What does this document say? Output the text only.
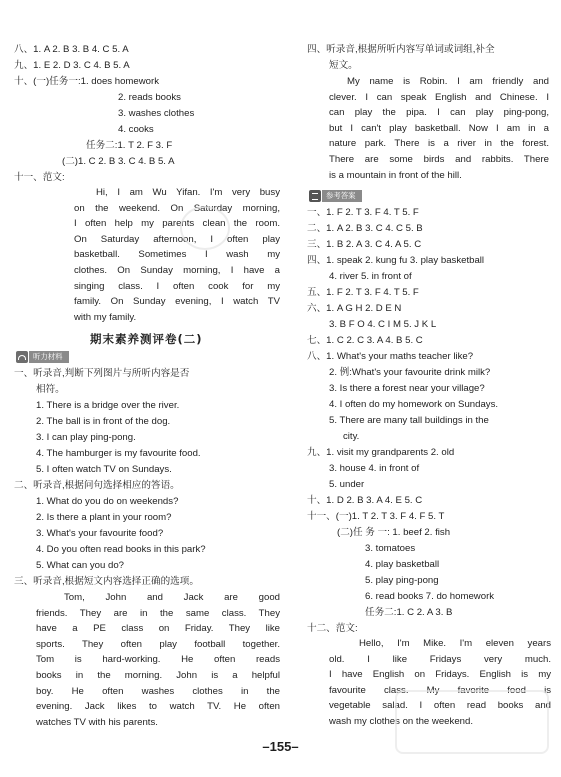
八、1. A 2. B 3. B 4. C 5. A
九、1. E 2. D 3. C 4. B 5. A
十、(一)任务一:1. does homework
2. reads books
3. washes clothes
4. cooks
任务二:1. T 2. F 3. F
(二)1. C 2. B 3. C 4. B 5. A
十一、范文:

Hi, I am Wu Yifan. I'm very busy

on the weekend. On Saturday morning,

I often help my parents clean the room.

On Saturday afternoon, I often play

basketball. Sometimes I wash my

clothes. On Sunday morning, I have a

singing class. I often cook for my

family. On Sunday evening, I watch TV

with my family.

期末素养测评卷(二)
听力材料
一、听录音,判断下列图片与所听内容是否
相符。
1. There is a bridge over the river.
2. The ball is in front of the dog.
3. I can play ping-pong.
4. The hamburger is my favourite food.
5. I often watch TV on Sundays.
二、听录音,根据问句选择相应的答语。
1. What do you do on weekends?
2. Is there a plant in your room?
3. What's your favourite food?
4. Do you often read books in this park?
5. What can you do?
三、听录音,根据短文内容选择正确的选项。

Tom, John and Jack are good

friends. They are in the same class. They

have a PE class on Friday. They like

sports. They often play football together.

Tom is hard-working. He often reads

books in the morning. John is a helpful

boy. He often washes clothes in the

evening. Jack likes to watch TV. He often

watches TV with his parents.

四、听录音,根据所听内容写单词或词组,补全
短文。

My name is Robin. I am friendly and

clever. I can speak English and Chinese. I

can play the pipa. I can play ping-pong,

but I can't play basketball. Now I am in a

nature park. There is a river in the forest.

There are some birds and rabbits. There

is a mountain in front of the hill.

参考答案
一、1. F 2. T 3. F 4. T 5. F
二、1. A 2. B 3. C 4. C 5. B
三、1. B 2. A 3. C 4. A 5. C
四、1. speak 2. kung fu 3. play basketball
4. river 5. in front of
五、1. F 2. T 3. F 4. T 5. F
六、1. A G H 2. D E N
3. B F O 4. C I M 5. J K L
七、1. C 2. C 3. A 4. B 5. C
八、1. What's your maths teacher like?
2. 例:What's your favourite drink milk?
3. Is there a forest near your village?
4. I often do my homework on Sundays.
5. There are many tall buildings in the
city.
九、1. visit my grandparents 2. old
3. house 4. in front of
5. under
十、1. D 2. B 3. A 4. E 5. C
十一、(一)1. T 2. T 3. F 4. F 5. T
(二)任 务 一: 1. beef 2. fish
3. tomatoes
4. play basketball
5. play ping-pong
6. read books 7. do homework
任务二:1. C 2. A 3. B
十二、范文:

Hello, I'm Mike. I'm eleven years

old. I like Fridays very much.

I have English on Fridays. English is my

favourite class. My favorite food is

vegetable salad. I often read books and

wash my clothes on the weekend.

–155–
